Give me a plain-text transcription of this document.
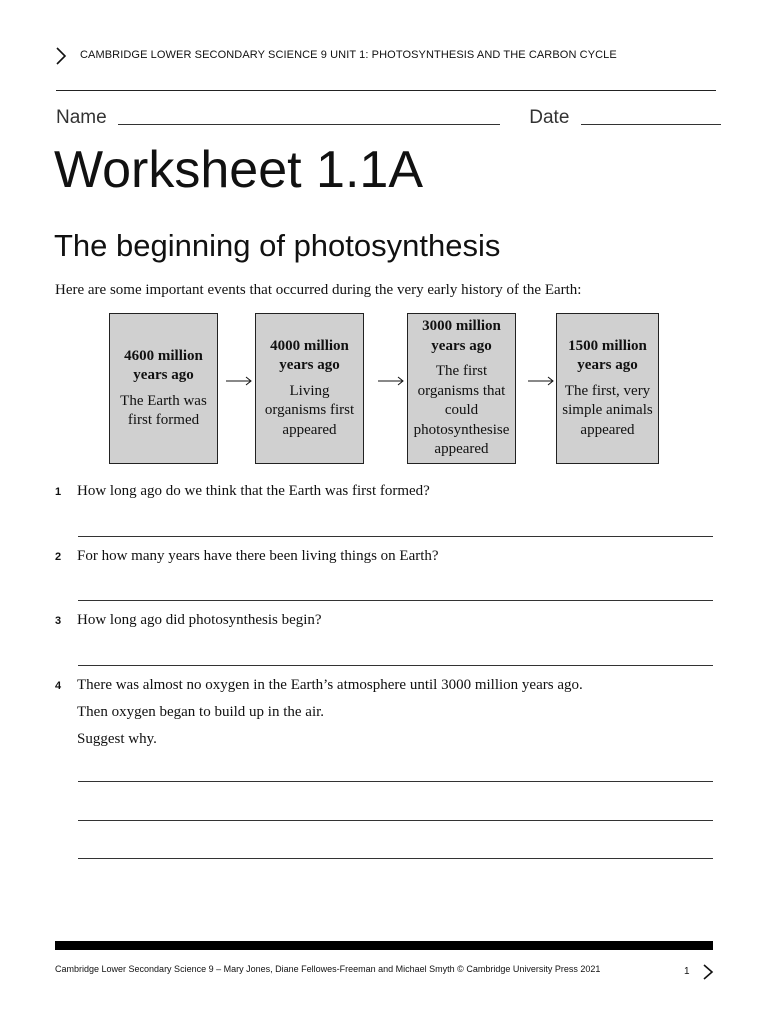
CAMBRIDGE LOWER SECONDARY SCIENCE 9 UNIT 1: PHOTOSYNTHESIS AND THE CARBON CYCLE
Name	Date
Worksheet 1.1A
The beginning of photosynthesis
Here are some important events that occurred during the very early history of the Earth:
4600 million years ago
The Earth was first formed
4000 million years ago
Living organisms first appeared
3000 million years ago
The first organisms that could photosynthesise appeared
1500 million years ago
The first, very simple animals appeared
1 How long ago do we think that the Earth was first formed?
2 For how many years have there been living things on Earth?
3 How long ago did photosynthesis begin?
4 There was almost no oxygen in the Earth’s atmosphere until 3000 million years ago.
Then oxygen began to build up in the air.
Suggest why.
Cambridge Lower Secondary Science 9 – Mary Jones, Diane Fellowes-Freeman and Michael Smyth © Cambridge University Press 2021	1
